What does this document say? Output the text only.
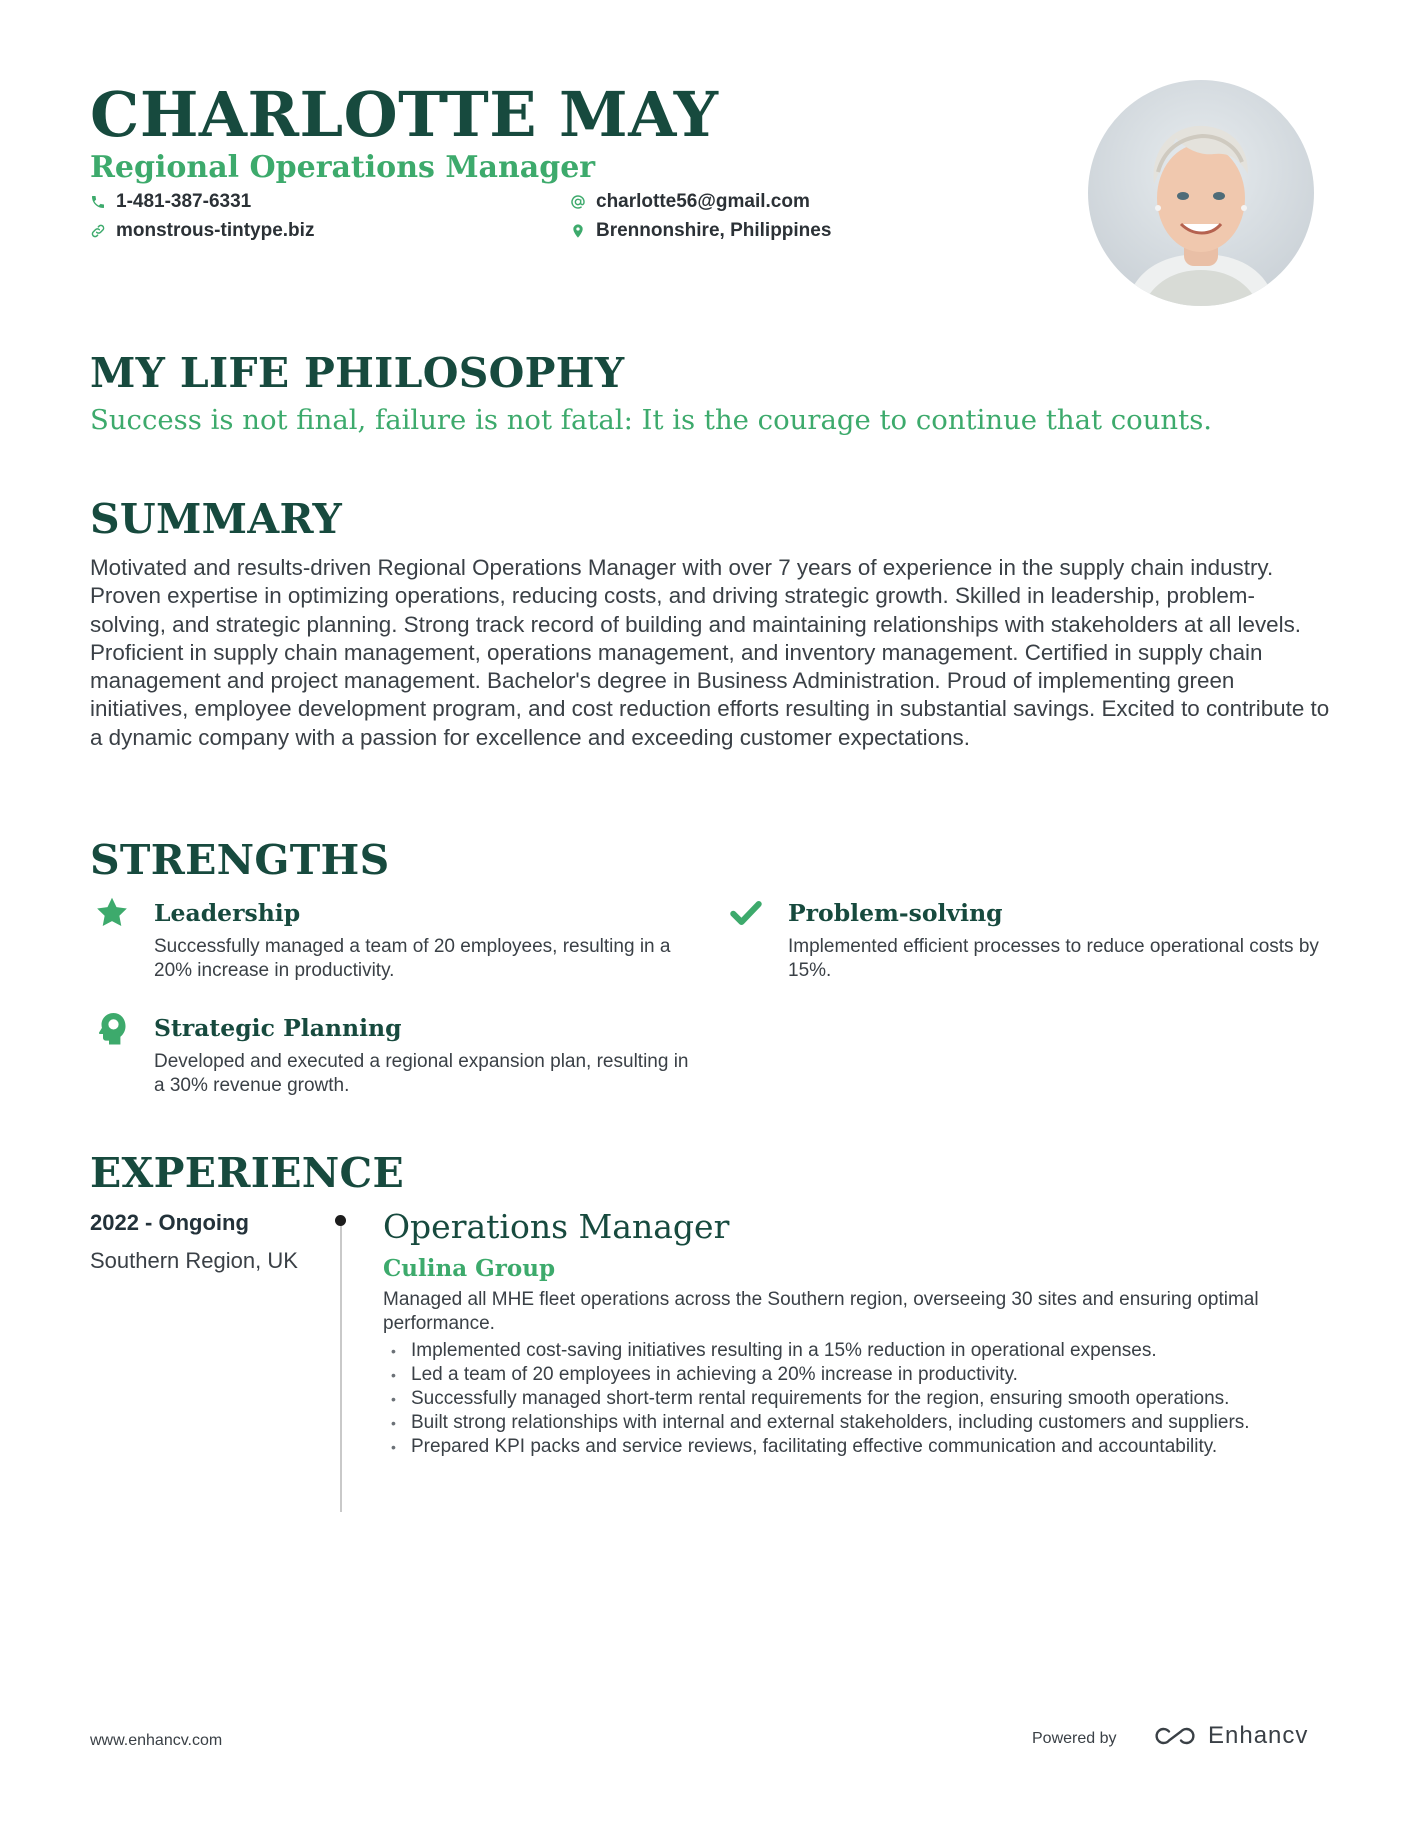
CHARLOTTE MAY
Regional Operations Manager
1-481-387-6331	charlotte56@gmail.com
monstrous-tintype.biz	Brennonshire, Philippines
MY LIFE PHILOSOPHY

Success is not final, failure is not fatal: It is the courage to continue that counts.

SUMMARY

Motivated and results-driven Regional Operations Manager with over 7 years of experience in the supply chain industry. Proven expertise in optimizing operations, reducing costs, and driving strategic growth. Skilled in leadership, problem-solving, and strategic planning. Strong track record of building and maintaining relationships with stakeholders at all levels. Proficient in supply chain management, operations management, and inventory management. Certified in supply chain management and project management. Bachelor's degree in Business Administration. Proud of implementing green initiatives, employee development program, and cost reduction efforts resulting in substantial savings. Excited to contribute to a dynamic company with a passion for excellence and exceeding customer expectations.

STRENGTHS

Leadership

Successfully managed a team of 20 employees, resulting in a 20% increase in productivity.

Problem-solving

Implemented efficient processes to reduce operational costs by 15%.

Strategic Planning

Developed and executed a regional expansion plan, resulting in a 30% revenue growth.

EXPERIENCE

2022 - Ongoing

Southern Region, UK

Operations Manager

Culina Group

Managed all MHE fleet operations across the Southern region, overseeing 30 sites and ensuring optimal performance.

• Implemented cost-saving initiatives resulting in a 15% reduction in operational expenses.
• Led a team of 20 employees in achieving a 20% increase in productivity.
• Successfully managed short-term rental requirements for the region, ensuring smooth operations.
• Built strong relationships with internal and external stakeholders, including customers and suppliers.
• Prepared KPI packs and service reviews, facilitating effective communication and accountability.

www.enhancv.com	Powered by	Enhancv
